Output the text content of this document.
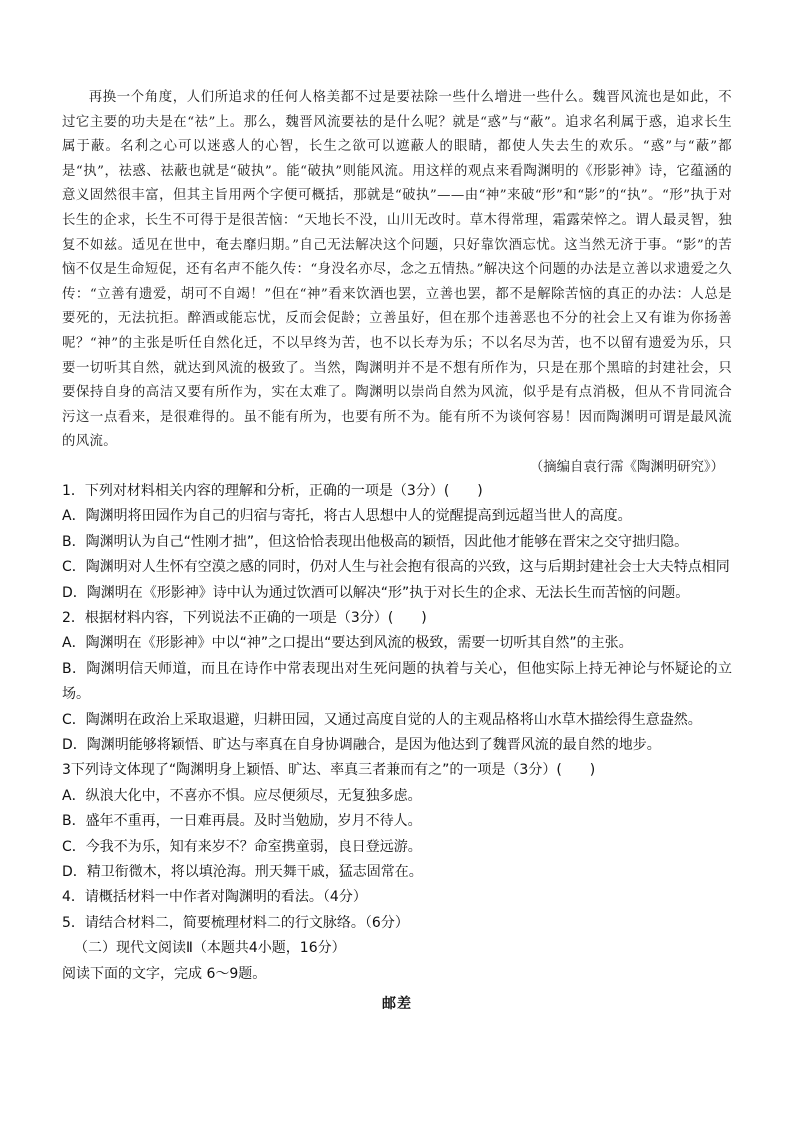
再换一个角度，人们所追求的任何人格美都不过是要祛除一些什么增进一些什么。魏晋风流也是如此，不过它主要的功夫是在“祛”上。那么，魏晋风流要祛的是什么呢？就是“惑”与“蔽”。追求名利属于惑，追求长生属于蔽。名利之心可以迷惑人的心智，长生之欲可以遮蔽人的眼睛，都使人失去生的欢乐。“惑”与“蔽”都是“执”，祛惑、祛蔽也就是“破执”。能“破执”则能风流。用这样的观点来看陶渊明的《形影神》诗，它蕴涵的意义固然很丰富，但其主旨用两个字便可概括，那就是“破执”——由“神”来破“形”和“影”的“执”。“形”执于对长生的企求，长生不可得于是很苦恼：“天地长不没，山川无改时。草木得常理，霜露荣悴之。谓人最灵智，独复不如兹。适见在世中，奄去靡归期。”自己无法解决这个问题，只好靠饮酒忘忧。这当然无济于事。“影”的苦恼不仅是生命短促，还有名声不能久传：“身没名亦尽，念之五情热。”解决这个问题的办法是立善以求遗爱之久传：“立善有遗爱，胡可不自竭！”但在“神”看来饮酒也罢，立善也罢，都不是解除苦恼的真正的办法：人总是要死的，无法抗拒。醉酒或能忘忧，反而会促龄；立善虽好，但在那个违善恶也不分的社会上又有谁为你扬善呢？“神”的主张是听任自然化迁，不以早终为苦，也不以长寿为乐；不以名尽为苦，也不以留有遗爱为乐，只要一切听其自然，就达到风流的极致了。当然，陶渊明并不是不想有所作为，只是在那个黑暗的封建社会，只要保持自身的高洁又要有所作为，实在太难了。陶渊明以崇尚自然为风流，似乎是有点消极，但从不肯同流合污这一点看来，是很难得的。虽不能有所为，也要有所不为。能有所不为谈何容易！因而陶渊明可谓是最风流的风流。

（摘编自袁行霈《陶渊明研究》）

1．下列对材料相关内容的理解和分析，正确的一项是（3分）(　　)

A．陶渊明将田园作为自己的归宿与寄托，将古人思想中人的觉醒提高到远超当世人的高度。

B．陶渊明认为自己“性刚才拙”，但这恰恰表现出他极高的颖悟，因此他才能够在晋宋之交守拙归隐。

C．陶渊明对人生怀有空漠之感的同时，仍对人生与社会抱有很高的兴致，这与后期封建社会士大夫特点相同

D．陶渊明在《形影神》诗中认为通过饮酒可以解决“形”执于对长生的企求、无法长生而苦恼的问题。

2．根据材料内容，下列说法不正确的一项是（3分）(　　)

A．陶渊明在《形影神》中以“神”之口提出“要达到风流的极致，需要一切听其自然”的主张。

B．陶渊明信天师道，而且在诗作中常表现出对生死问题的执着与关心，但他实际上持无神论与怀疑论的立场。

C．陶渊明在政治上采取退避，归耕田园，又通过高度自觉的人的主观品格将山水草木描绘得生意盎然。

D．陶渊明能够将颖悟、旷达与率真在自身协调融合，是因为他达到了魏晋风流的最自然的地步。

3下列诗文体现了“陶渊明身上颖悟、旷达、率真三者兼而有之”的一项是（3分）(　　)

A．纵浪大化中，不喜亦不惧。应尽便须尽，无复独多虑。

B．盛年不重再，一日难再晨。及时当勉励，岁月不待人。

C．今我不为乐，知有来岁不？命室携童弱，良日登远游。

D．精卫衔微木，将以填沧海。刑天舞干戚，猛志固常在。

4．请概括材料一中作者对陶渊明的看法。（4分）

5．请结合材料二，简要梳理材料二的行文脉络。（6分）

（二）现代文阅读Ⅱ（本题共4小题，16分）

阅读下面的文字，完成 6～9题。

邮差
